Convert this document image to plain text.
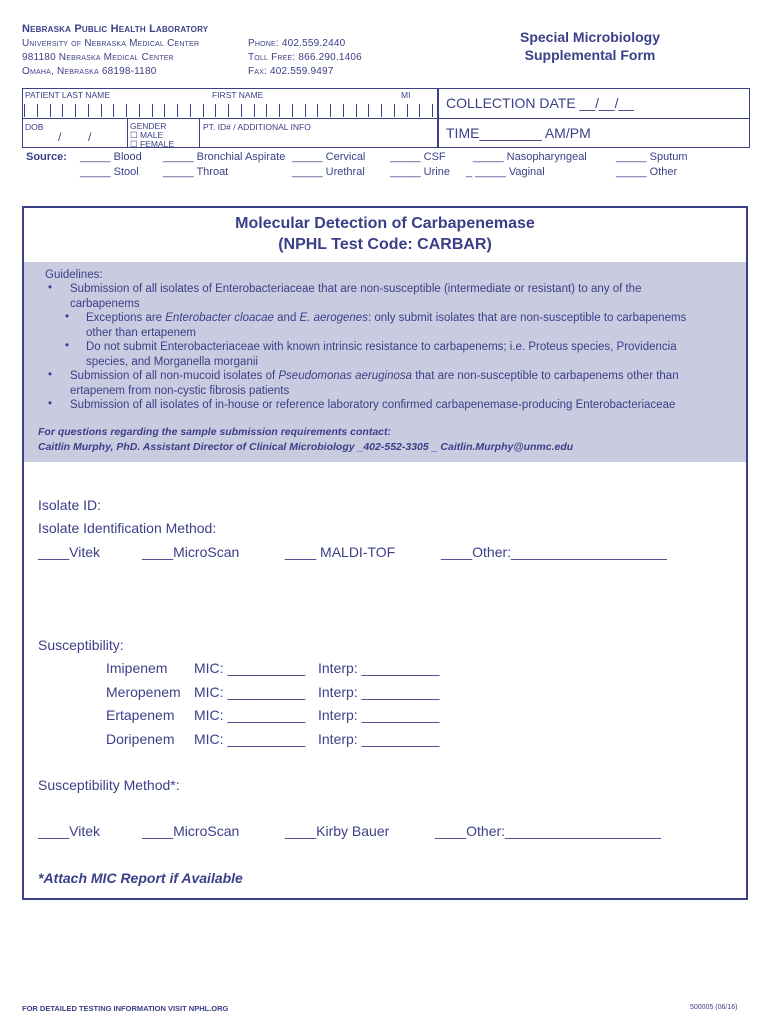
Nebraska Public Health Laboratory
University of Nebraska Medical Center
981180 Nebraska Medical Center
Omaha, Nebraska 68198-1180
Phone: 402.559.2440
Toll Free: 866.290.1406
Fax: 402.559.9497
Special Microbiology
Supplemental Form
PATIENT LAST NAME	FIRST NAME	MI
DOB
/        /
GENDER
☐ MALE
☐ FEMALE
PT. ID# / ADDITIONAL INFO
COLLECTION DATE __/__/__
TIME________ AM/PM
Source: _____ Blood _____ Bronchial Aspirate _____ Cervical _____ CSF _____ Nasopharyngeal	_____ Sputum
_____ Stool _____ Throat	_____ Urethral _____ Urine _ _____ Vaginal	_____ Other
Molecular Detection of Carbapenemase
(NPHL Test Code: CARBAR)
Guidelines:
• Submission of all isolates of Enterobacteriaceae that are non-susceptible (intermediate or resistant) to any of the
carbapenems
• Exceptions are Enterobacter cloacae and E. aerogenes: only submit isolates that are non-susceptible to carbapenems
other than ertapenem
• Do not submit Enterobacteriaceae with known intrinsic resistance to carbapenems; i.e. Proteus species, Providencia
species, and Morganella morganii
• Submission of all non-mucoid isolates of Pseudomonas aeruginosa that are non-susceptible to carbapenems other than
ertapenem from non-cystic fibrosis patients
• Submission of all isolates of in-house or reference laboratory confirmed carbapenemase-producing Enterobacteriaceae
For questions regarding the sample submission requirements contact:
Caitlin Murphy, PhD. Assistant Director of Clinical Microbiology _402-552-3305 _ Caitlin.Murphy@unmc.edu
Isolate ID:
Isolate Identification Method:
____Vitek	____MicroScan	____ MALDI-TOF	____Other:____________________
Susceptibility:
Imipenem MIC: __________ Interp: __________
Meropenem MIC: __________ Interp: __________
Ertapenem MIC: __________ Interp: __________
Doripenem MIC: __________ Interp: __________
Susceptibility Method*:
____Vitek	____MicroScan	____Kirby Bauer	____Other:____________________
*Attach MIC Report if Available
FOR DETAILED TESTING INFORMATION VISIT NPHL.ORG	500005 (06/16)
